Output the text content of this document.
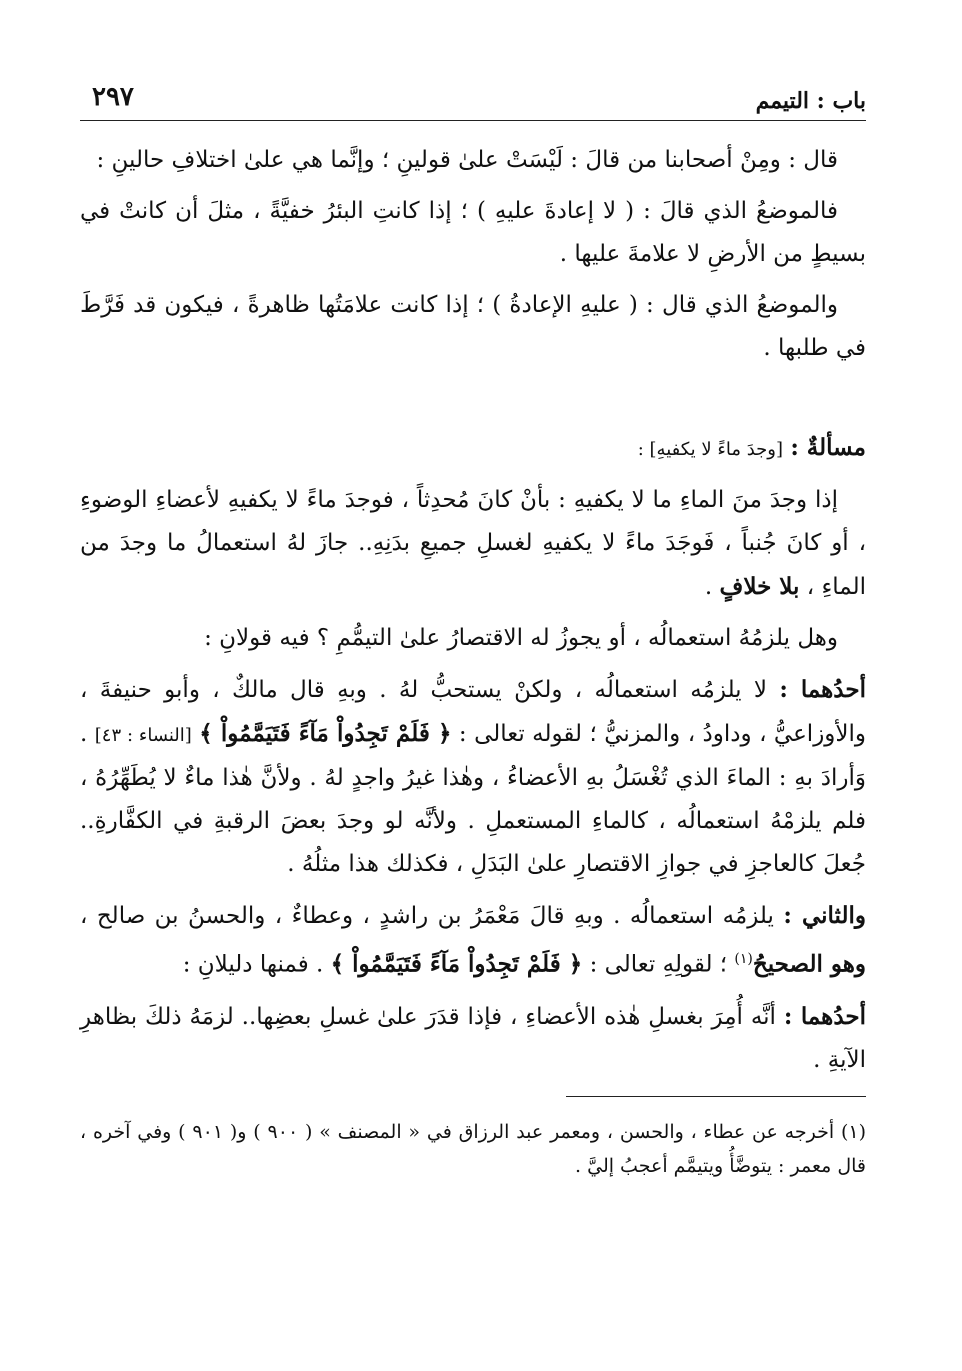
باب : التيمم
٢٩٧

قال : ومِنْ أصحابنا من قالَ : لَيْسَتْ علىٰ قولينِ ؛ وإنَّما هي علىٰ اختلافِ حالينِ :

فالموضعُ الذي قالَ : ( لا إعادةَ عليهِ ) ؛ إذا كانتِ البئرُ خفيَّةً ، مثلَ أن كانتْ في بسيطٍ من الأرضِ لا علامةَ عليها .

والموضعُ الذي قال : ( عليهِ الإعادةُ ) ؛ إذا كانت علامَتُها ظاهرةً ، فيكون قد فَرَّطَ في طلبها .

مسألةٌ : [وجدَ ماءً لا يكفيهِ] :

إذا وجدَ منَ الماءِ ما لا يكفيهِ : بأنْ كانَ مُحدِثاً ، فوجدَ ماءً لا يكفيهِ لأعضاءِ الوضوءِ ، أو كانَ جُنباً ، فَوجَدَ ماءً لا يكفيهِ لغسلِ جميعِ بدَنِهِ.. جازَ لهُ استعمالُ ما وجدَ من الماءِ ، بلا خلافٍ .

وهل يلزمُهُ استعمالُه ، أو يجوزُ له الاقتصارُ علىٰ التيمُّمِ ؟ فيه قولانِ :

أحدُهما : لا يلزمُه استعمالُه ، ولكنْ يستحبُّ لهُ . وبهِ قال مالكٌ ، وأبو حنيفةَ ، والأوزاعيُّ ، وداودُ ، والمزنيُّ ؛ لقوله تعالى : ﴿ فَلَمْ تَجِدُواْ مَآءً فَتَيَمَّمُواْ ﴾ [النساء : ٤٣] . وَأرادَ بهِ : الماءَ الذي تُغْسَلُ بهِ الأعضاءُ ، وهٰذا غيرُ واجدٍ لهُ . ولأنَّ هٰذا ماءٌ لا يُطَهِّرُهُ ، فلم يلزمْهُ استعمالُه ، كالماءِ المستعملِ . ولأنَّه لو وجدَ بعضَ الرقبةِ في الكفَّارةِ.. جُعلَ كالعاجزِ في جوازِ الاقتصارِ علىٰ البَدَلِ ، فكذلك هذا مثلُهُ .

والثاني : يلزمُه استعمالُه . وبهِ قالَ مَعْمَرُ بن راشدٍ ، وعطاءٌ ، والحسنُ بن صالح ، وهو الصحيحُ$^{(١)}$ ؛ لقولِهِ تعالى : ﴿ فَلَمْ تَجِدُواْ مَآءً فَتَيَمَّمُواْ ﴾ . فمنها دليلانِ :

أحدُهما : أنَّه أُمِرَ بغسلِ هٰذه الأعضاءِ ، فإذا قدَرَ علىٰ غسلِ بعضِها.. لزمَهُ ذلكَ بظاهرِ الآيةِ .

(١) أخرجه عن عطاء ، والحسن ، ومعمر عبد الرزاق في « المصنف » ( ٩٠٠ ) و( ٩٠١ ) وفي آخره ، قال معمر : يتوضَّأُ ويتيمَّم أعجبُ إليَّ .
